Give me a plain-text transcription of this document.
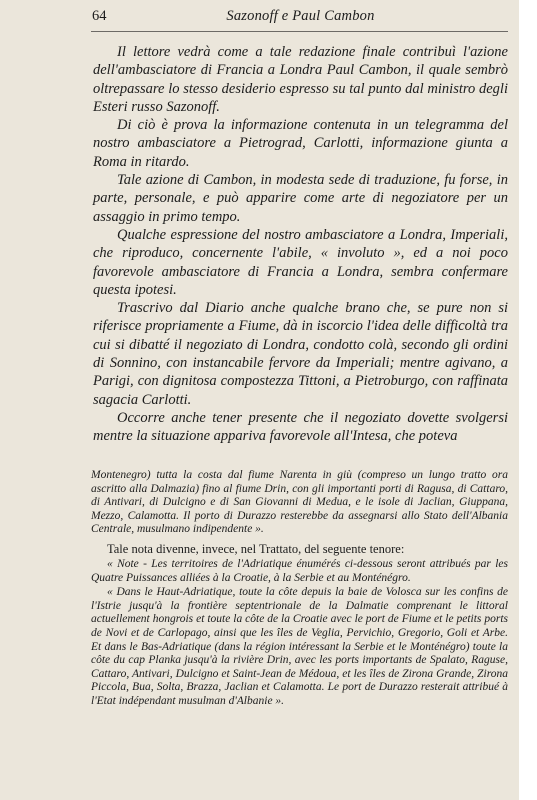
64	Sazonoff e Paul Cambon

Il lettore vedrà come a tale redazione finale contribuì l'azione dell'ambasciatore di Francia a Londra Paul Cambon, il quale sembrò oltrepassare lo stesso desiderio espresso su tal punto dal ministro degli Esteri russo Sazonoff.

Di ciò è prova la informazione contenuta in un telegramma del nostro ambasciatore a Pietrograd, Carlotti, informazione giunta a Roma in ritardo.

Tale azione di Cambon, in modesta sede di traduzione, fu forse, in parte, personale, e può apparire come arte di negoziatore per un assaggio in primo tempo.

Qualche espressione del nostro ambasciatore a Londra, Imperiali, che riproduco, concernente l'abile, « involuto », ed a noi poco favorevole ambasciatore di Francia a Londra, sembra confermare questa ipotesi.

Trascrivo dal Diario anche qualche brano che, se pure non si riferisce propriamente a Fiume, dà in iscorcio l'idea delle difficoltà tra cui si dibatté il negoziato di Londra, condotto colà, secondo gli ordini di Sonnino, con instancabile fervore da Imperiali; mentre agivano, a Parigi, con dignitosa compostezza Tittoni, a Pietroburgo, con raffinata sagacia Carlotti.

Occorre anche tener presente che il negoziato dovette svolgersi mentre la situazione appariva favorevole all'Intesa, che poteva

Montenegro) tutta la costa dal fiume Narenta in giù (compreso un lungo tratto ora ascritto alla Dalmazia) fino al fiume Drin, con gli importanti porti di Ragusa, di Cattaro, di Antivari, di Dulcigno e di San Giovanni di Medua, e le isole di Jaclian, Giuppana, Mezzo, Calamotta. Il porto di Durazzo resterebbe da assegnarsi allo Stato dell'Albania Centrale, musulmano indipendente ».

Tale nota divenne, invece, nel Trattato, del seguente tenore:

« Note - Les territoires de l'Adriatique énumérés ci-dessous seront attribués par les Quatre Puissances alliées à la Croatie, à la Serbie et au Monténégro.

« Dans le Haut-Adriatique, toute la côte depuis la baie de Volosca sur les confins de l'Istrie jusqu'à la frontière septentrionale de la Dalmatie comprenant le littoral actuellement hongrois et toute la côte de la Croatie avec le port de Fiume et le petits ports de Novi et de Carlopago, ainsi que les îles de Veglia, Pervichio, Gregorio, Goli et Arbe. Et dans le Bas-Adriatique (dans la région intéressant la Serbie et le Monténégro) toute la côte du cap Planka jusqu'à la rivière Drin, avec les ports importants de Spalato, Raguse, Cattaro, Antivari, Dulcigno et Saint-Jean de Médoua, et les îles de Zirona Grande, Zirona Piccola, Bua, Solta, Brazza, Jaclian et Calamotta. Le port de Durazzo resterait attribué à l'Etat indépendant musulman d'Albanie ».
